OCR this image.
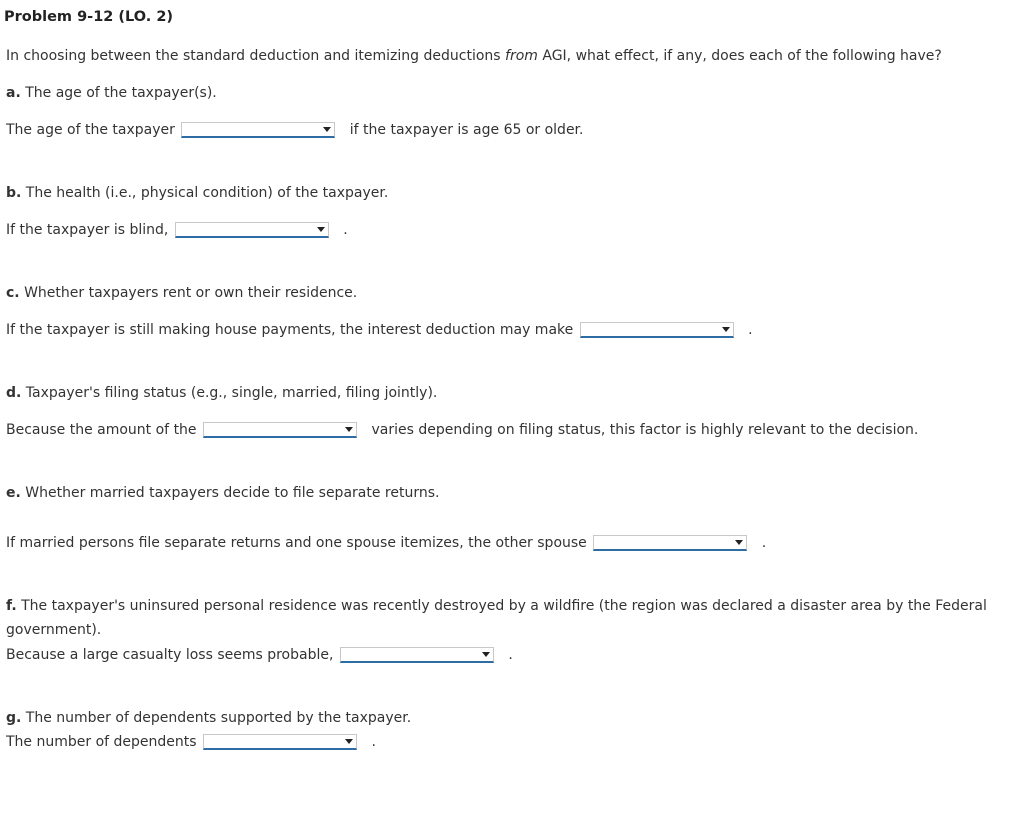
Problem 9-12 (LO. 2)
In choosing between the standard deduction and itemizing deductions from AGI, what effect, if any, does each of the following have?
a. The age of the taxpayer(s).
The age of the taxpayer	if the taxpayer is age 65 or older.
b. The health (i.e., physical condition) of the taxpayer.
If the taxpayer is blind,	.
c. Whether taxpayers rent or own their residence.
If the taxpayer is still making house payments, the interest deduction may make	.
d. Taxpayer's filing status (e.g., single, married, filing jointly).
Because the amount of the	varies depending on filing status, this factor is highly relevant to the decision.
e. Whether married taxpayers decide to file separate returns.
If married persons file separate returns and one spouse itemizes, the other spouse	.
f. The taxpayer's uninsured personal residence was recently destroyed by a wildfire (the region was declared a disaster area by the Federal government).
Because a large casualty loss seems probable,	.
g. The number of dependents supported by the taxpayer.
The number of dependents	.
